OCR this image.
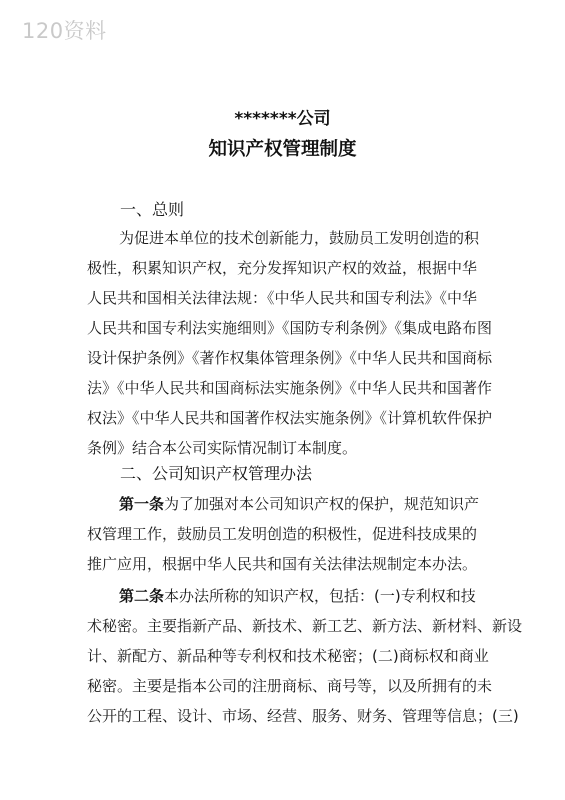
120资料
*******公司
知识产权管理制度
一、总则
为促进本单位的技术创新能力，鼓励员工发明创造的积
极性，积累知识产权，充分发挥知识产权的效益，根据中华
人民共和国相关法律法规：《中华人民共和国专利法》《中华
人民共和国专利法实施细则》《国防专利条例》《集成电路布图
设计保护条例》《著作权集体管理条例》《中华人民共和国商标
法》《中华人民共和国商标法实施条例》《中华人民共和国著作
权法》《中华人民共和国著作权法实施条例》《计算机软件保护
条例》结合本公司实际情况制订本制度。
二、公司知识产权管理办法
第一条为了加强对本公司知识产权的保护，规范知识产
权管理工作，鼓励员工发明创造的积极性，促进科技成果的
推广应用，根据中华人民共和国有关法律法规制定本办法。
第二条本办法所称的知识产权，包括：(一)专利权和技
术秘密。主要指新产品、新技术、新工艺、新方法、新材料、新设
计、新配方、新品种等专利权和技术秘密；(二)商标权和商业
秘密。主要是指本公司的注册商标、商号等，以及所拥有的未
公开的工程、设计、市场、经营、服务、财务、管理等信息；(三)
